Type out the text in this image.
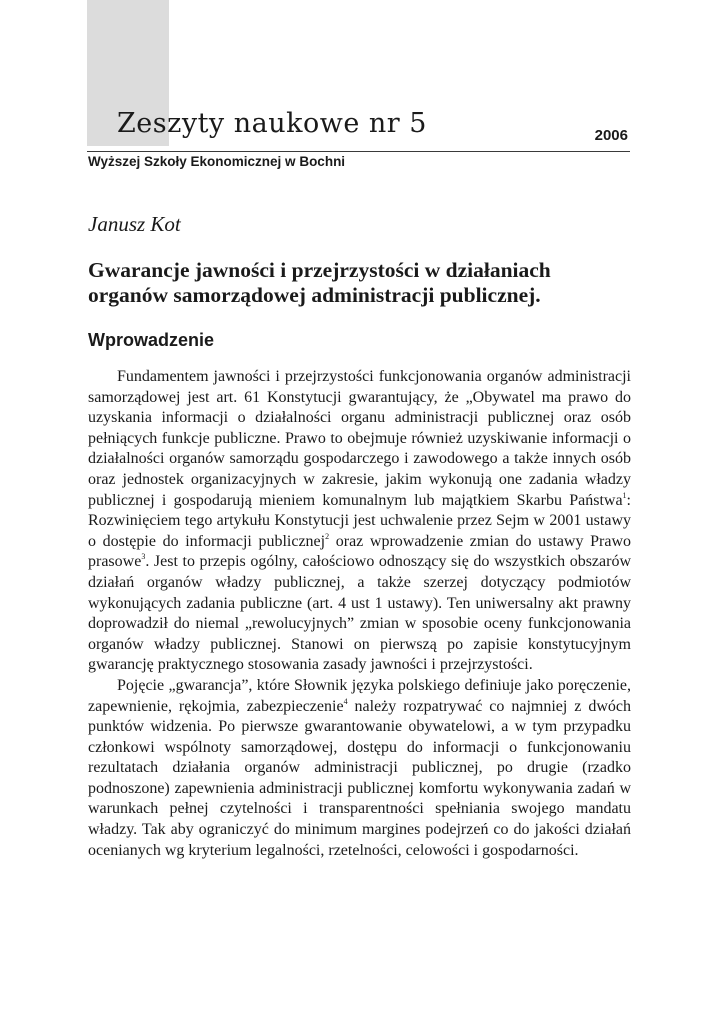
Zeszyty naukowe nr 5	2006
Wyższej Szkoły Ekonomicznej w Bochni
Janusz Kot
Gwarancje jawności i przejrzystości w działaniach organów samorządowej administracji publicznej.
Wprowadzenie

Fundamentem jawności i przejrzystości funkcjonowania organów administracji samorządowej jest art. 61 Konstytucji gwarantujący, że „Obywatel ma prawo do uzyskania informacji o działalności organu administracji publicznej oraz osób pełniących funkcje publiczne. Prawo to obejmuje również uzyskiwanie informacji o działalności organów samorządu gospodarczego i zawodowego a także innych osób oraz jednostek organizacyjnych w zakresie, jakim wykonują one zadania władzy publicznej i gospodarują mieniem komunalnym lub majątkiem Skarbu Państwa$^1$: Rozwinięciem tego artykułu Konstytucji jest uchwalenie przez Sejm w 2001 ustawy o dostępie do informacji publicznej$^2$ oraz wprowadzenie zmian do ustawy Prawo prasowe$^3$. Jest to przepis ogólny, całościowo odnoszący się do wszystkich obszarów działań organów władzy publicznej, a także szerzej dotyczący podmiotów wykonujących zadania publiczne (art. 4 ust 1 ustawy). Ten uniwersalny akt prawny doprowadził do niemal „rewolucyjnych” zmian w sposobie oceny funkcjonowania organów władzy publicznej. Stanowi on pierwszą po zapisie konstytucyjnym gwarancję praktycznego stosowania zasady jawności i przejrzystości.

Pojęcie „gwarancja”, które Słownik języka polskiego definiuje jako poręczenie, zapewnienie, rękojmia, zabezpieczenie$^4$ należy rozpatrywać co najmniej z dwóch punktów widzenia. Po pierwsze gwarantowanie obywatelowi, a w tym przypadku członkowi wspólnoty samorządowej, dostępu do informacji o funkcjonowaniu rezultatach działania organów administracji publicznej, po drugie (rzadko podnoszone) zapewnienia administracji publicznej komfortu wykonywania zadań w warunkach pełnej czytelności i transparentności spełniania swojego mandatu władzy. Tak aby ograniczyć do minimum margines podejrzeń co do jakości działań ocenianych wg kryterium legalności, rzetelności, celowości i gospodarności.
